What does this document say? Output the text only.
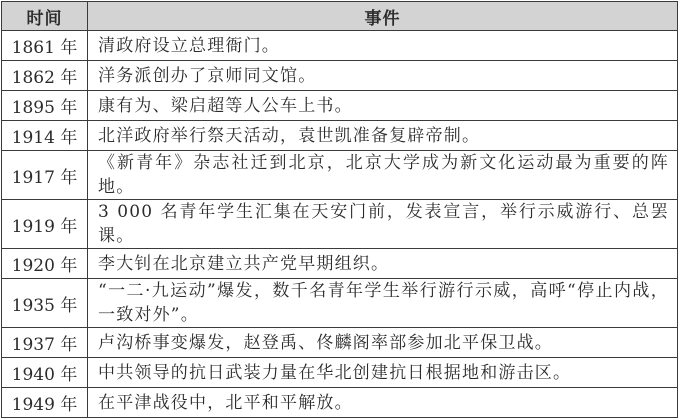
时间	事件
1861 年	清政府设立总理衙门。
1862 年	洋务派创办了京师同文馆。
1895 年	康有为、梁启超等人公车上书。
1914 年	北洋政府举行祭天活动，袁世凯准备复辟帝制。
1917 年	《新青年》杂志社迁到北京，北京大学成为新文化运动最为重要的阵地。
1919 年	3 000 名青年学生汇集在天安门前，发表宣言，举行示威游行、总罢课。
1920 年	李大钊在北京建立共产党早期组织。
1935 年	“一二·九运动”爆发，数千名青年学生举行游行示威，高呼“停止内战，一致对外”。
1937 年	卢沟桥事变爆发，赵登禹、佟麟阁率部参加北平保卫战。
1940 年	中共领导的抗日武装力量在华北创建抗日根据地和游击区。
1949 年	在平津战役中，北平和平解放。
